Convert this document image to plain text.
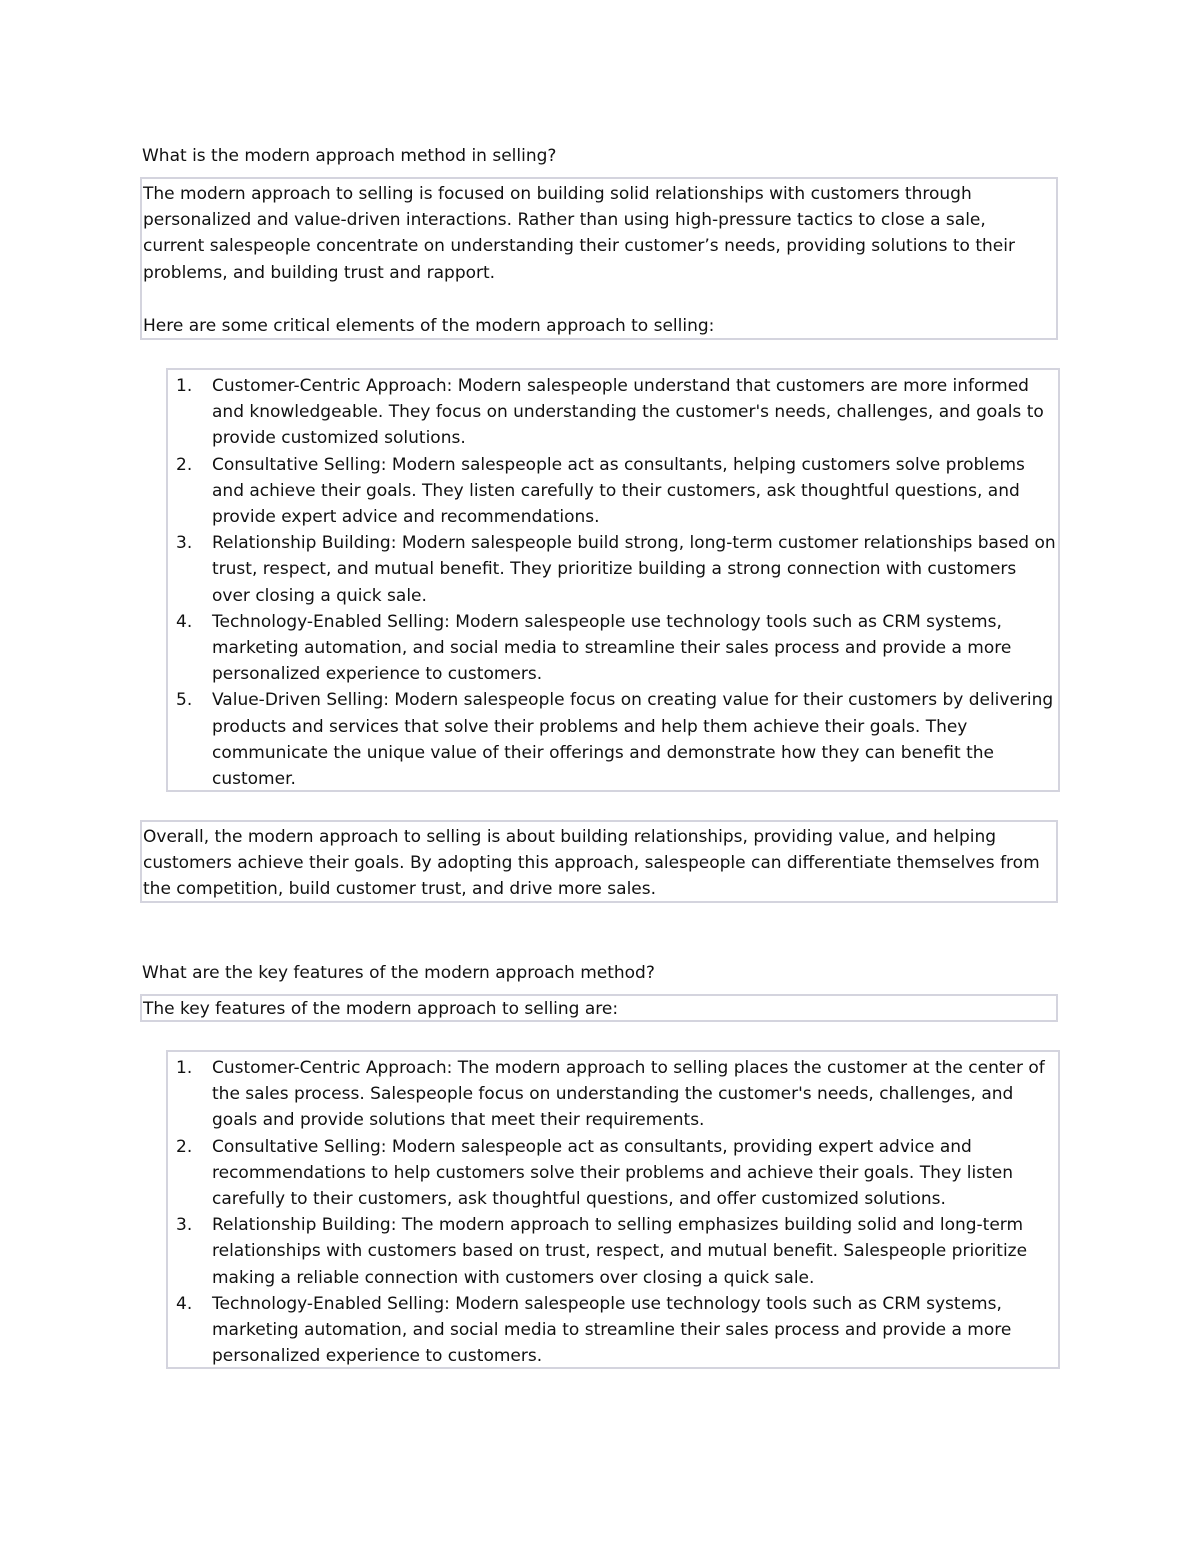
What is the modern approach method in selling?

The modern approach to selling is focused on building solid relationships with customers through personalized and value-driven interactions. Rather than using high-pressure tactics to close a sale, current salespeople concentrate on understanding their customer’s needs, providing solutions to their problems, and building trust and rapport.

Here are some critical elements of the modern approach to selling:

1. Customer-Centric Approach: Modern salespeople understand that customers are more informed and knowledgeable. They focus on understanding the customer's needs, challenges, and goals to provide customized solutions.
2. Consultative Selling: Modern salespeople act as consultants, helping customers solve problems and achieve their goals. They listen carefully to their customers, ask thoughtful questions, and provide expert advice and recommendations.
3. Relationship Building: Modern salespeople build strong, long-term customer relationships based on trust, respect, and mutual benefit. They prioritize building a strong connection with customers over closing a quick sale.
4. Technology-Enabled Selling: Modern salespeople use technology tools such as CRM systems, marketing automation, and social media to streamline their sales process and provide a more personalized experience to customers.
5. Value-Driven Selling: Modern salespeople focus on creating value for their customers by delivering products and services that solve their problems and help them achieve their goals. They communicate the unique value of their offerings and demonstrate how they can benefit the customer.

Overall, the modern approach to selling is about building relationships, providing value, and helping customers achieve their goals. By adopting this approach, salespeople can differentiate themselves from the competition, build customer trust, and drive more sales.

What are the key features of the modern approach method?

The key features of the modern approach to selling are:

1. Customer-Centric Approach: The modern approach to selling places the customer at the center of the sales process. Salespeople focus on understanding the customer's needs, challenges, and goals and provide solutions that meet their requirements.
2. Consultative Selling: Modern salespeople act as consultants, providing expert advice and recommendations to help customers solve their problems and achieve their goals. They listen carefully to their customers, ask thoughtful questions, and offer customized solutions.
3. Relationship Building: The modern approach to selling emphasizes building solid and long-term relationships with customers based on trust, respect, and mutual benefit. Salespeople prioritize making a reliable connection with customers over closing a quick sale.
4. Technology-Enabled Selling: Modern salespeople use technology tools such as CRM systems, marketing automation, and social media to streamline their sales process and provide a more personalized experience to customers.
